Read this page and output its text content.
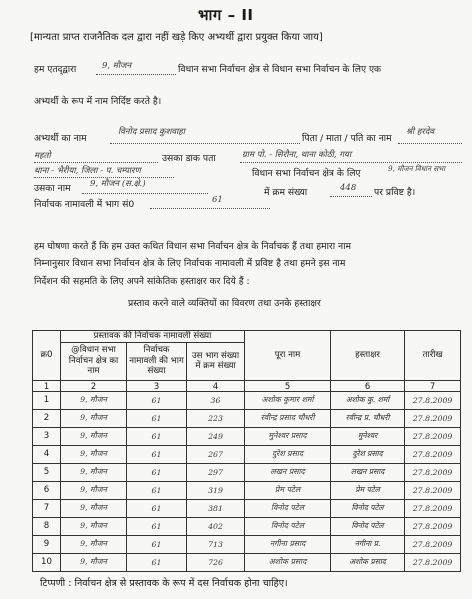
भाग – II
[मान्यता प्राप्त राजनैतिक दल द्वारा नहीं खड़े किए अभ्यर्थी द्वारा प्रयुक्त किया जाय]
हम एतद्‌द्वारा	9, मौजन	विधान सभा निर्वाचन क्षेत्र से विधान सभा निर्वाचन के लिए एक
अभ्यर्थी के रूप में नाम निर्दिष्ट करते है।
अभ्यर्थी का नाम
विनोद प्रसाद कुशवाहा
पिता / माता / पति का नाम
श्री हरदेव
महतो	उसका डाक पता	ग्राम पो. - सिरौना, थाना कोठी, गया
थाना - भैरीया, जिला - प. चम्पारण	विधान सभा निर्वाचन क्षेत्र के लिए	9, मौजन विधान सभा
उसका नाम 9, मौजन (स.क्षे.)
में क्रम संख्या	448 पर प्रविष्ट है।
निर्वाचक नामावली में भाग सं0	61
हम घोषणा करते हैं कि हम उक्त कथित विधान सभा निर्वाचन क्षेत्र के निर्वाचक हैं तथा हमारा नाम
निम्नानुसार विधान सभा निर्वाचन क्षेत्र के लिए निर्वाचक नामावली में प्रविष्ट है तथा हमने इस नाम
निर्देशन की सहमति के लिए अपने सांकेतिक हस्ताक्षर कर दिये हैं :
प्रस्ताव करने वाले व्यक्तियों का विवरण तथा उनके हस्ताक्षर
क्र0	प्रस्तावक की निर्वाचक नामावली संख्या			पूरा नाम	हस्ताक्षर	तारीख
	@विधान सभा निर्वाचन क्षेत्र का नाम	निर्वाचक नामावली की भाग संख्या	उस भाग संख्या में क्रम संख्या			
1	2	3	4	5	6	7
1	9, मौजन	61	36	अशोक कुमार शर्मा	अशोक कु. शर्मा	27.8.2009
2	9, मौजन	61	223	रवीन्द्र प्रसाद चौधरी	रवीन्द्र प्र. चौधरी	27.8.2009
3	9, मौजन	61	249	मुनेश्वर प्रसाद	मुनेश्वर	27.8.2009
4	9, मौजन	61	267	दुरेश प्रसाद	दुरेश प्रसाद	27.8.2009
5	9, मौजन	61	297	लखन प्रसाद	लखन प्रसाद	27.8.2009
6	9, मौजन	61	319	प्रेम पटेल	प्रेम पटेल	27.8.2009
7	9, मौजन	61	381	विनोद पटेल	विनोद पटेल	27.8.2009
8	9, मौजन	61	402	विनोद पटेल	विनोद पटेल	27.8.2009
9	9, मौजन	61	713	नगीना प्रसाद	नगीना प्र.	27.8.2009
10	9, मौजन	61	726	अशोक प्रसाद	अशोक प्रसाद	27.8.2009
टिप्पणी : निर्वाचन क्षेत्र से प्रस्तावक के रूप में दस निर्वाचक होना चाहिए।
